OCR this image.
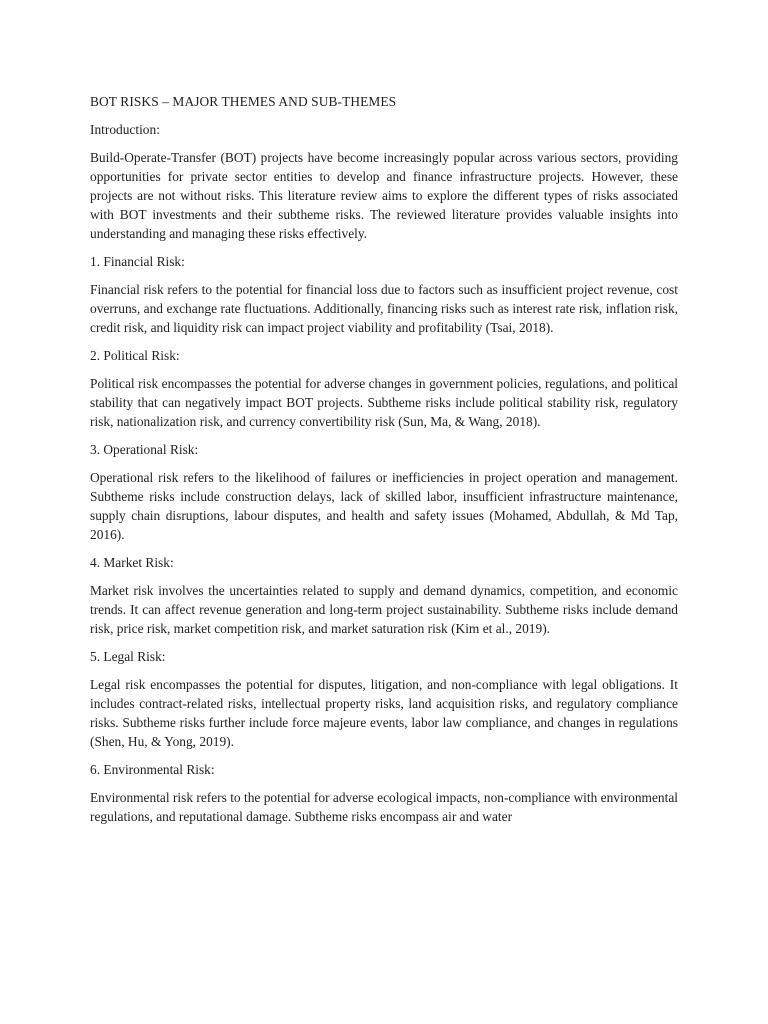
BOT RISKS – MAJOR THEMES AND SUB-THEMES

Introduction:

Build-Operate-Transfer (BOT) projects have become increasingly popular across various sectors, providing opportunities for private sector entities to develop and finance infrastructure projects. However, these projects are not without risks. This literature review aims to explore the different types of risks associated with BOT investments and their subtheme risks. The reviewed literature provides valuable insights into understanding and managing these risks effectively.

1. Financial Risk:

Financial risk refers to the potential for financial loss due to factors such as insufficient project revenue, cost overruns, and exchange rate fluctuations. Additionally, financing risks such as interest rate risk, inflation risk, credit risk, and liquidity risk can impact project viability and profitability (Tsai, 2018).

2. Political Risk:

Political risk encompasses the potential for adverse changes in government policies, regulations, and political stability that can negatively impact BOT projects. Subtheme risks include political stability risk, regulatory risk, nationalization risk, and currency convertibility risk (Sun, Ma, & Wang, 2018).

3. Operational Risk:

Operational risk refers to the likelihood of failures or inefficiencies in project operation and management. Subtheme risks include construction delays, lack of skilled labor, insufficient infrastructure maintenance, supply chain disruptions, labour disputes, and health and safety issues (Mohamed, Abdullah, & Md Tap, 2016).

4. Market Risk:

Market risk involves the uncertainties related to supply and demand dynamics, competition, and economic trends. It can affect revenue generation and long-term project sustainability. Subtheme risks include demand risk, price risk, market competition risk, and market saturation risk (Kim et al., 2019).

5. Legal Risk:

Legal risk encompasses the potential for disputes, litigation, and non-compliance with legal obligations. It includes contract-related risks, intellectual property risks, land acquisition risks, and regulatory compliance risks. Subtheme risks further include force majeure events, labor law compliance, and changes in regulations (Shen, Hu, & Yong, 2019).

6. Environmental Risk:

Environmental risk refers to the potential for adverse ecological impacts, non-compliance with environmental regulations, and reputational damage. Subtheme risks encompass air and water
